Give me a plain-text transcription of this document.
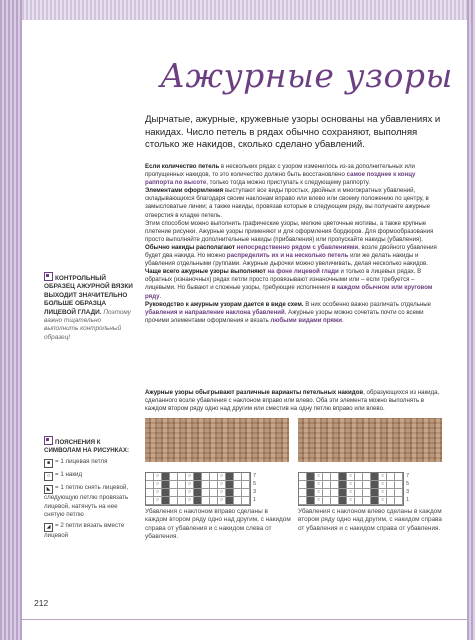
Ажурные узоры
Дырчатые, ажурные, кружевные узоры основаны на убавлениях и накидах. Число петель в рядах обычно сохраняют, выполняя столько же накидов, сколько сделано убавлений.

Если количество петель в нескольких рядах с узором изменилось из-за дополнительных или пропущенных накидов, то это количество должно быть восстановлено самое позднее к концу раппорта по высоте, только тогда можно приступать к следующему раппорту.

Элементами оформления выступают все виды простых, двойных и многократных убавлений, складывающихся благодаря своим наклонам вправо или влево или своему положению по центру, в замысловатые линии; а также накиды, провязав которые в следующем ряду, вы получаете ажурные отверстия в кладке петель.

Этим способом можно выполнить графические узоры, мелкие цветочные мотивы, а также крупные плетение рисунки. Ажурные узоры применяют и для оформления бордюров. Для формообразования просто выполняйте дополнительные накиды (прибавления) или пропускайте накиды (убавления).

Обычно накиды располагают непосредственно рядом с убавлениями, возле двойного убавления будет два накида. Но можно распределить их и на несколько петель или же делать накиды и убавления отдельными группами. Ажурные дырочки можно увеличивать, делая несколько накидов.

Чаще всего ажурные узоры выполняют на фоне лицевой глади и только в лицевых рядах. В обратных (изнаночных) рядах петли просто провязывают изнаночными или – если требуется – лицевыми. Но бывают и сложные узоры, требующие исполнения в каждом обычном или круговом ряду.

Руководство к ажурным узорам дается в виде схем. В них особенно важно различать отдельные убавления и направление наклона убавлений. Ажурные узоры можно сочетать почти со всеми прочими элементами оформления и вязать любыми видами пряжи.

КОНТРОЛЬНЫЙ ОБРАЗЕЦ АЖУРНОЙ ВЯЗКИ ВЫХОДИТ ЗНАЧИТЕЛЬНО БОЛЬШЕ ОБРАЗЦА ЛИЦЕВОЙ ГЛАДИ. Поэтому важно тщательно выполнить контрольный образец!
ПОЯСНЕНИЯ К СИМВОЛАМ НА РИСУНКАХ:
■ = 1 лицевая петля
○ = 1 накид
◣ = 1 петлю снять лицевой, следующую петлю провязать лицевой, натянуть на нее снятую петлю
◢ = 2 петли вязать вместе лицевой
Ажурные узоры обыгрывают различные варианты петельных накидов, образующихся из накида, сделанного возле убавления с наклоном вправо или влево. Оба эти элемента можно выполнять в каждом втором ряду одно над другим или сместив на одну петлю вправо или влево.
○
○
○
○
○
○
○
○
○
○
○
○
7
5
3
1
○
○
○
○
○
○
○
○
○
○
○
○
7
5
3
1
Убавления с наклоном вправо сделаны в каждом втором ряду одно над другим, с накидом справа от убавления и с накидом слева от убавления.
Убавления с наклоном влево сделаны в каждом втором ряду одно над другим, с накидом справа от убавления и с накидом справа от убавления.
212
